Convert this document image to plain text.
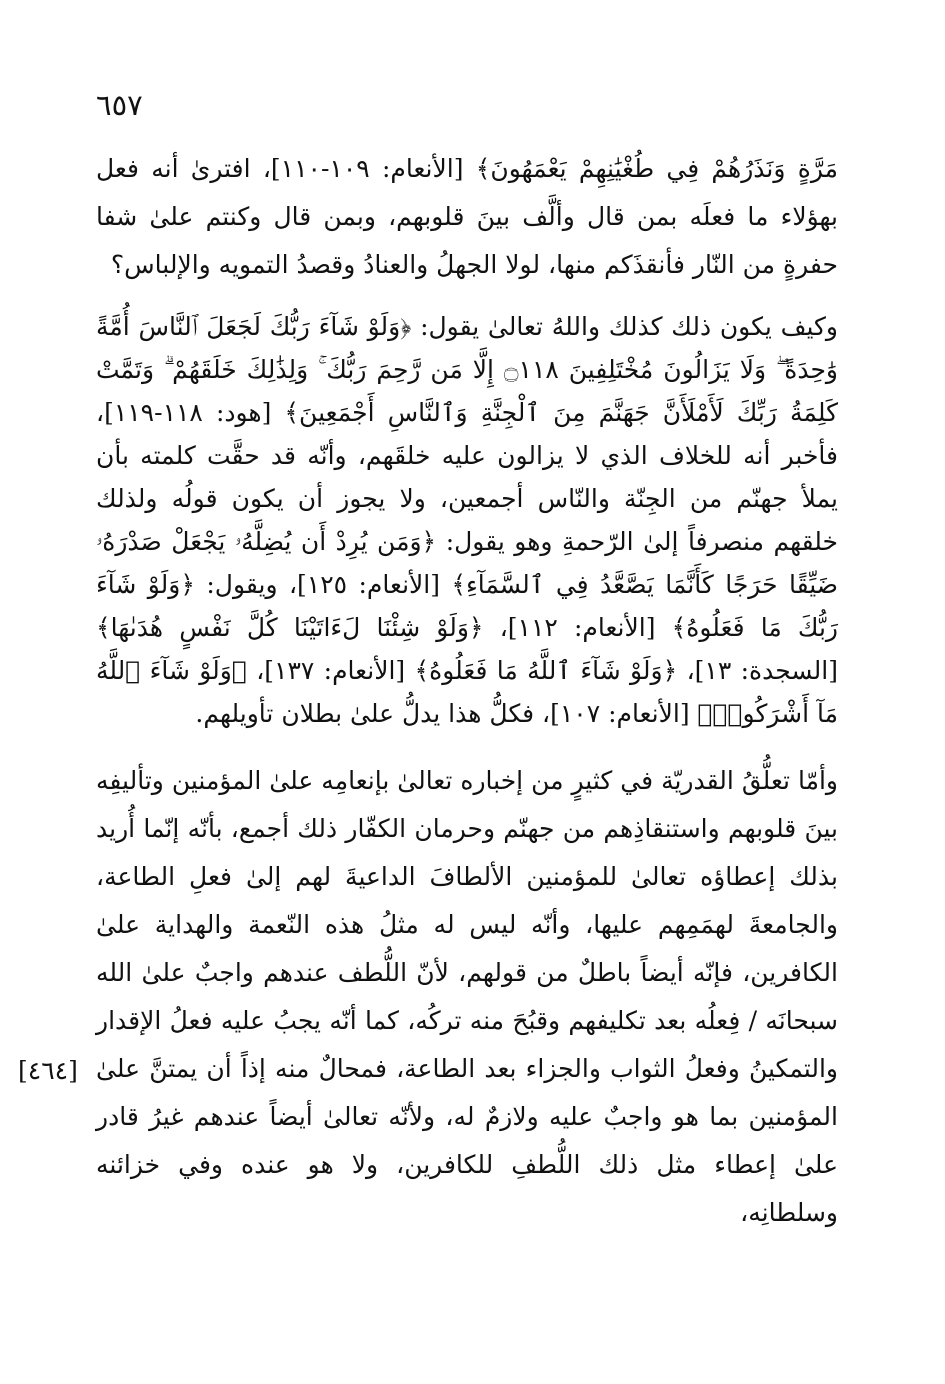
٦٥٧
[٤٦٤]

مَرَّةٍ وَنَذَرُهُمْ فِي طُغْيَٰنِهِمْ يَعْمَهُونَ﴾ [الأنعام: ١٠٩-١١٠]، افترىٰ أنه فعل بهؤلاء ما فعلَه بمن قال وألَّف بينَ قلوبهم، وبمن قال وكنتم علىٰ شفا حفرةٍ من النّار فأنقذَكم منها، لولا الجهلُ والعنادُ وقصدُ التمويه والإلباس؟

وكيف يكون ذلك كذلك واللهُ تعالىٰ يقول: ﴿وَلَوْ شَآءَ رَبُّكَ لَجَعَلَ ٱلنَّاسَ أُمَّةً وَٰحِدَةً ۖ وَلَا يَزَالُونَ مُخْتَلِفِينَ ۝١١٨ إِلَّا مَن رَّحِمَ رَبُّكَ ۚ وَلِذَٰلِكَ خَلَقَهُمْ ۗ وَتَمَّتْ كَلِمَةُ رَبِّكَ لَأَمْلَأَنَّ جَهَنَّمَ مِنَ ٱلْجِنَّةِ وَٱلنَّاسِ أَجْمَعِينَ﴾ [هود: ١١٨-١١٩]، فأخبر أنه للخلاف الذي لا يزالون عليه خلقَهم، وأنّه قد حقَّت كلمته بأن يملأ جهنّم من الجِنّة والنّاس أجمعين، ولا يجوز أن يكون قولُه ولذلك خلقهم منصرفاً إلىٰ الرّحمةِ وهو يقول: ﴿وَمَن يُرِدْ أَن يُضِلَّهُۥ يَجْعَلْ صَدْرَهُۥ ضَيِّقًا حَرَجًا كَأَنَّمَا يَصَّعَّدُ فِي ٱلسَّمَآءِ﴾ [الأنعام: ١٢٥]، ويقول: ﴿وَلَوْ شَآءَ رَبُّكَ مَا فَعَلُوهُ﴾ [الأنعام: ١١٢]، ﴿وَلَوْ شِئْنَا لَءَاتَيْنَا كُلَّ نَفْسٍ هُدَىٰهَا﴾ [السجدة: ١٣]، ﴿وَلَوْ شَآءَ ٱللَّهُ مَا فَعَلُوهُ﴾ [الأنعام: ١٣٧]، ﴿وَلَوْ شَآءَ ٱللَّهُ مَآ أَشْرَكُوا۟﴾ [الأنعام: ١٠٧]، فكلُّ هذا يدلُّ علىٰ بطلان تأويلهم.

وأمّا تعلُّقُ القدريّة في كثيرٍ من إخباره تعالىٰ بإنعامِه علىٰ المؤمنين وتأليفِه بينَ قلوبهم واستنقاذِهم من جهنّم وحرمان الكفّار ذلك أجمع، بأنّه إنّما أُريد بذلك إعطاؤه تعالىٰ للمؤمنين الألطافَ الداعيةَ لهم إلىٰ فعلِ الطاعة، والجامعةَ لهمَمِهم عليها، وأنّه ليس له مثلُ هذه النّعمة والهداية علىٰ الكافرين، فإنّه أيضاً باطلٌ من قولهم، لأنّ اللُّطف عندهم واجبٌ علىٰ الله سبحانَه / فِعلُه بعد تكليفهم وقبُحَ منه تركُه، كما أنّه يجبُ عليه فعلُ الإقدار والتمكينُ وفعلُ الثواب والجزاء بعد الطاعة، فمحالٌ منه إذاً أن يمتنَّ علىٰ المؤمنين بما هو واجبٌ عليه ولازمٌ له، ولأنّه تعالىٰ أيضاً عندهم غيرُ قادر علىٰ إعطاء مثل ذلك اللُّطفِ للكافرين، ولا هو عنده وفي خزائنه وسلطانِه،
